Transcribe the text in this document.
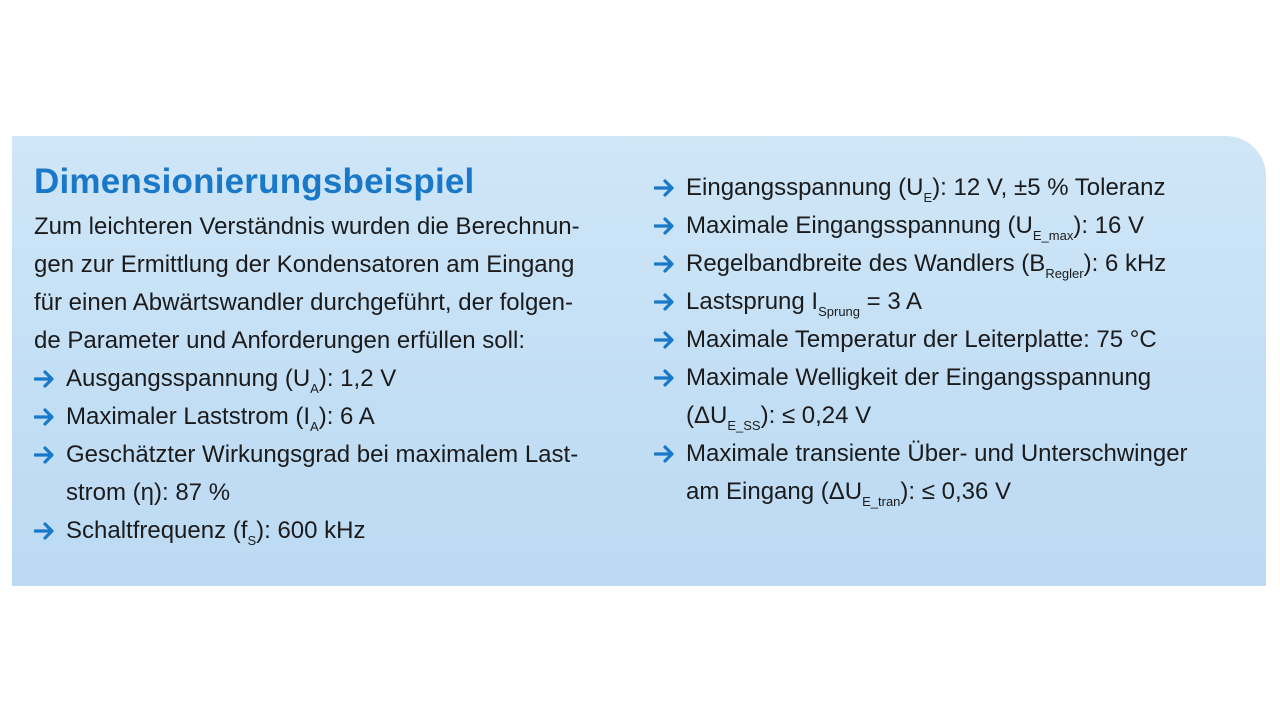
Dimensionierungsbeispiel
Zum leichteren Verständnis wurden die Berechnun-
gen zur Ermittlung der Kondensatoren am Eingang
für einen Abwärtswandler durchgeführt, der folgen-
de Parameter und Anforderungen erfüllen soll:
Ausgangsspannung $(U_A)$: 1,2 V
Maximaler Laststrom $(I_A)$: 6 A
Geschätzter Wirkungsgrad bei maximalem Last-
strom (η): 87 %
Schaltfrequenz $(f_S)$: 600 kHz
Eingangsspannung $(U_E)$: 12 V, ±5 % Toleranz
Maximale Eingangsspannung $(U_{E\_max})$: 16 V
Regelbandbreite des Wandlers $(B_{Regler})$: 6 kHz
Lastsprung $I_{Sprung} = 3$ A
Maximale Temperatur der Leiterplatte: 75 °C
Maximale Welligkeit der Eingangsspannung
$(\Delta U_{E\_SS})$: ≤ 0,24 V
Maximale transiente Über- und Unterschwinger
am Eingang $(\Delta U_{E\_tran})$: ≤ 0,36 V
